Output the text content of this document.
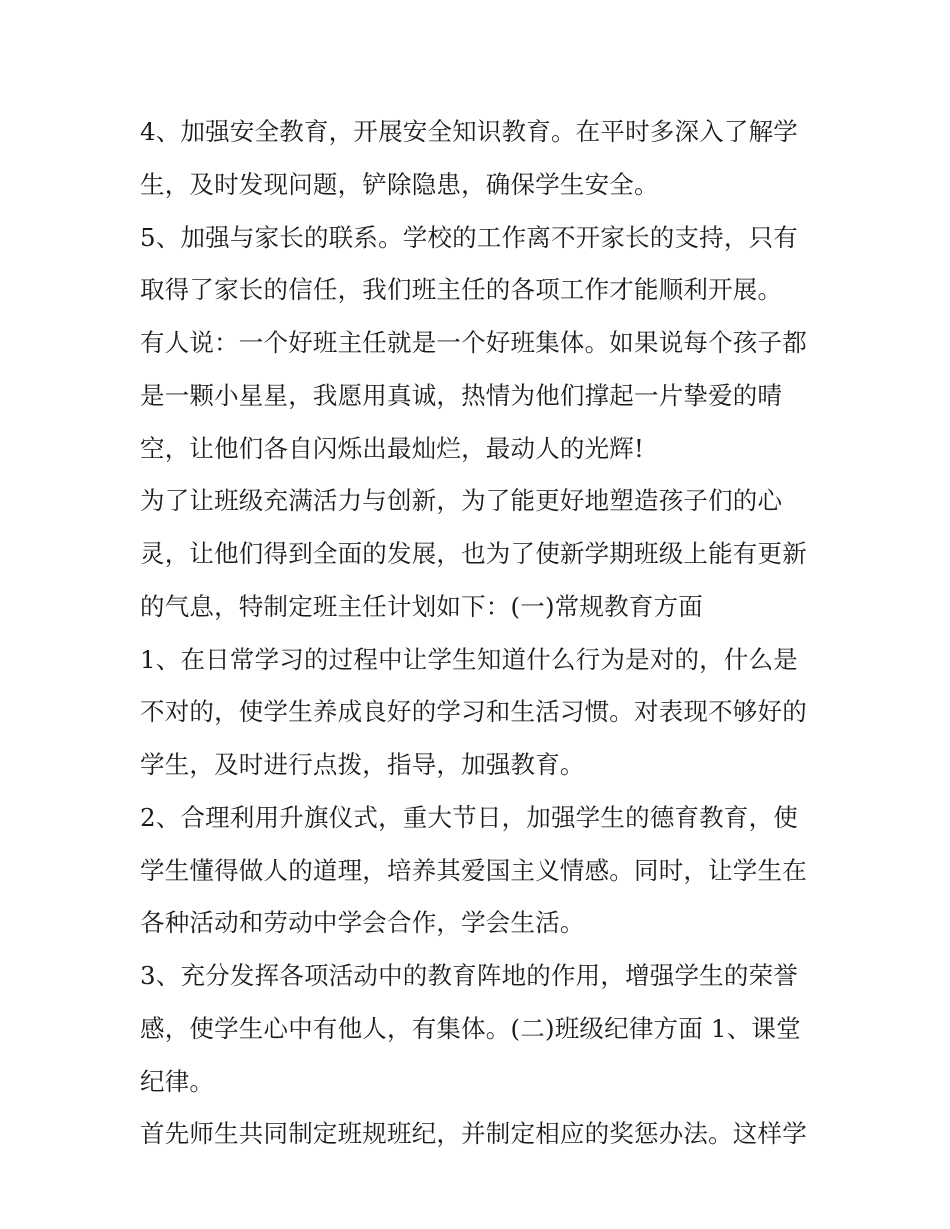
4、加强安全教育，开展安全知识教育。在平时多深入了解学
生，及时发现问题，铲除隐患，确保学生安全。
5、加强与家长的联系。学校的工作离不开家长的支持，只有
取得了家长的信任，我们班主任的各项工作才能顺利开展。
有人说：一个好班主任就是一个好班集体。如果说每个孩子都
是一颗小星星，我愿用真诚，热情为他们撑起一片挚爱的晴
空，让他们各自闪烁出最灿烂，最动人的光辉!
为了让班级充满活力与创新，为了能更好地塑造孩子们的心
灵，让他们得到全面的发展，也为了使新学期班级上能有更新
的气息，特制定班主任计划如下：(一)常规教育方面
1、在日常学习的过程中让学生知道什么行为是对的，什么是
不对的，使学生养成良好的学习和生活习惯。对表现不够好的
学生，及时进行点拨，指导，加强教育。
2、合理利用升旗仪式，重大节日，加强学生的德育教育，使
学生懂得做人的道理，培养其爱国主义情感。同时，让学生在
各种活动和劳动中学会合作，学会生活。
3、充分发挥各项活动中的教育阵地的作用，增强学生的荣誉
感，使学生心中有他人，有集体。(二)班级纪律方面 1、课堂
纪律。
首先师生共同制定班规班纪，并制定相应的奖惩办法。这样学
